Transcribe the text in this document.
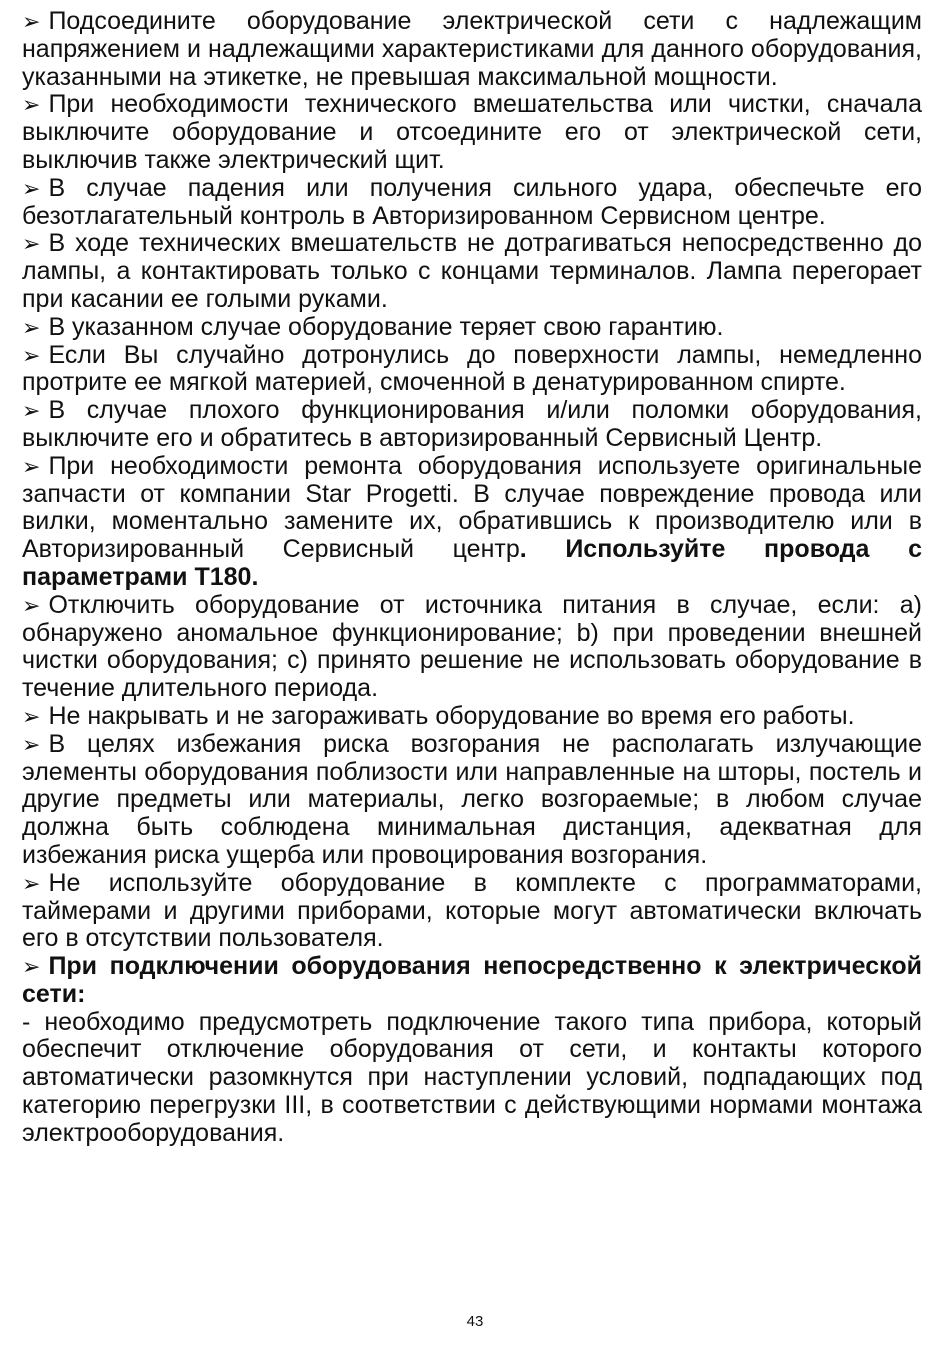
➢ Подсоедините оборудование электрической сети с надлежащим напряжением и надлежащими характеристиками для данного оборудования, указанными на этикетке, не превышая максимальной мощности.

➢ При необходимости технического вмешательства или чистки, сначала выключите оборудование и отсоедините его от электрической сети, выключив также электрический щит.

➢ В случае падения или получения сильного удара, обеспечьте его безотлагательный контроль в Авторизированном Сервисном центре.

➢ В ходе технических вмешательств не дотрагиваться непосредственно до лампы, а контактировать только с концами терминалов. Лампа перегорает при касании ее голыми руками.

➢ В указанном случае оборудование теряет свою гарантию.

➢ Если Вы случайно дотронулись до поверхности лампы, немедленно протрите ее мягкой материей, смоченной в денатурированном спирте.

➢ В случае плохого функционирования и/или поломки оборудования, выключите его и обратитесь в авторизированный Сервисный Центр.

➢ При необходимости ремонта оборудования используете оригинальные запчасти от компании Star Progetti. В случае повреждение провода или вилки, моментально замените их, обратившись к производителю или в Авторизированный Сервисный центр. Используйте провода с параметрами T180.

➢ Отключить оборудование от источника питания в случае, если: a) обнаружено аномальное функционирование; b) при проведении внешней чистки оборудования; c) принято решение не использовать оборудование в течение длительного периода.

➢ Не накрывать и не загораживать оборудование во время его работы.

➢ В целях избежания риска возгорания не располагать излучающие элементы оборудования поблизости или направленные на шторы, постель и другие предметы или материалы, легко возгораемые; в любом случае должна быть соблюдена минимальная дистанция, адекватная для избежания риска ущерба или провоцирования возгорания.

➢ Не используйте оборудование в комплекте с программаторами, таймерами и другими приборами, которые могут автоматически включать его в отсутствии пользователя.

➢ При подключении оборудования непосредственно к электрической сети:

- необходимо предусмотреть подключение такого типа прибора, который обеспечит отключение оборудования от сети, и контакты которого автоматически разомкнутся при наступлении условий, подпадающих под категорию перегрузки III, в соответствии с действующими нормами монтажа электрооборудования.

43
